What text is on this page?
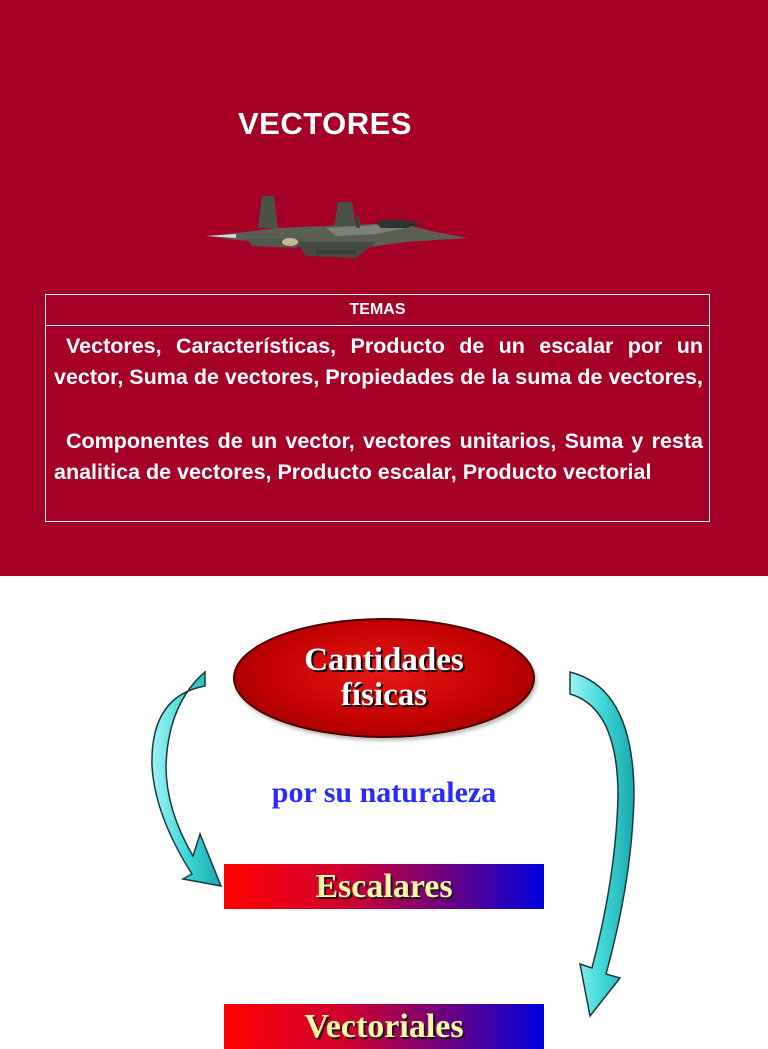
VECTORES
TEMAS

Vectores, Características, Producto de un escalar por un vector, Suma de vectores, Propiedades de la suma de vectores,

Componentes de un vector, vectores unitarios, Suma y resta analitica de vectores, Producto escalar, Producto vectorial

Cantidades físicas
por su naturaleza
Escalares
Vectoriales
